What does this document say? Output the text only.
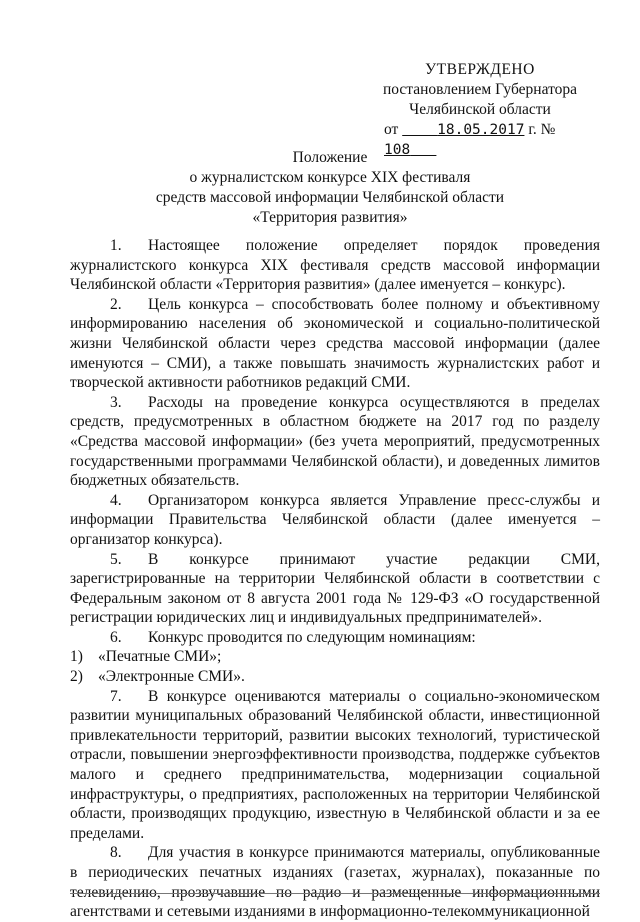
УТВЕРЖДЕНО
постановлением Губернатора
Челябинской области
от	18.05.2017 г. № 108
Положение
о журналистском конкурсе XIX фестиваля
средств массовой информации Челябинской области
«Территория развития»

1. Настоящее положение определяет порядок проведения журналистского конкурса XIX фестиваля средств массовой информации Челябинской области «Территория развития» (далее именуется – конкурс).

2. Цель конкурса – способствовать более полному и объективному информированию населения об экономической и социально-политической жизни Челябинской области через средства массовой информации (далее именуются – СМИ), а также повышать значимость журналистских работ и творческой активности работников редакций СМИ.

3. Расходы на проведение конкурса осуществляются в пределах средств, предусмотренных в областном бюджете на 2017 год по разделу «Средства массовой информации» (без учета мероприятий, предусмотренных государственными программами Челябинской области), и доведенных лимитов бюджетных обязательств.

4. Организатором конкурса является Управление пресс-службы и информации Правительства Челябинской области (далее именуется – организатор конкурса).

5. В конкурсе принимают участие редакции СМИ, зарегистрированные на территории Челябинской области в соответствии с Федеральным законом от 8 августа 2001 года № 129-ФЗ «О государственной регистрации юридических лиц и индивидуальных предпринимателей».

6. Конкурс проводится по следующим номинациям:

1) «Печатные СМИ»;

2) «Электронные СМИ».

7. В конкурсе оцениваются материалы о социально-экономическом развитии муниципальных образований Челябинской области, инвестиционной привлекательности территорий, развитии высоких технологий, туристической отрасли, повышении энергоэффективности производства, поддержке субъектов малого и среднего предпринимательства, модернизации социальной инфраструктуры, о предприятиях, расположенных на территории Челябинской области, производящих продукцию, известную в Челябинской области и за ее пределами.

8. Для участия в конкурсе принимаются материалы, опубликованные в периодических печатных изданиях (газетах, журналах), показанные по телевидению, прозвучавшие по радио и размещенные информационными агентствами и сетевыми изданиями в информационно-телекоммуникационной
